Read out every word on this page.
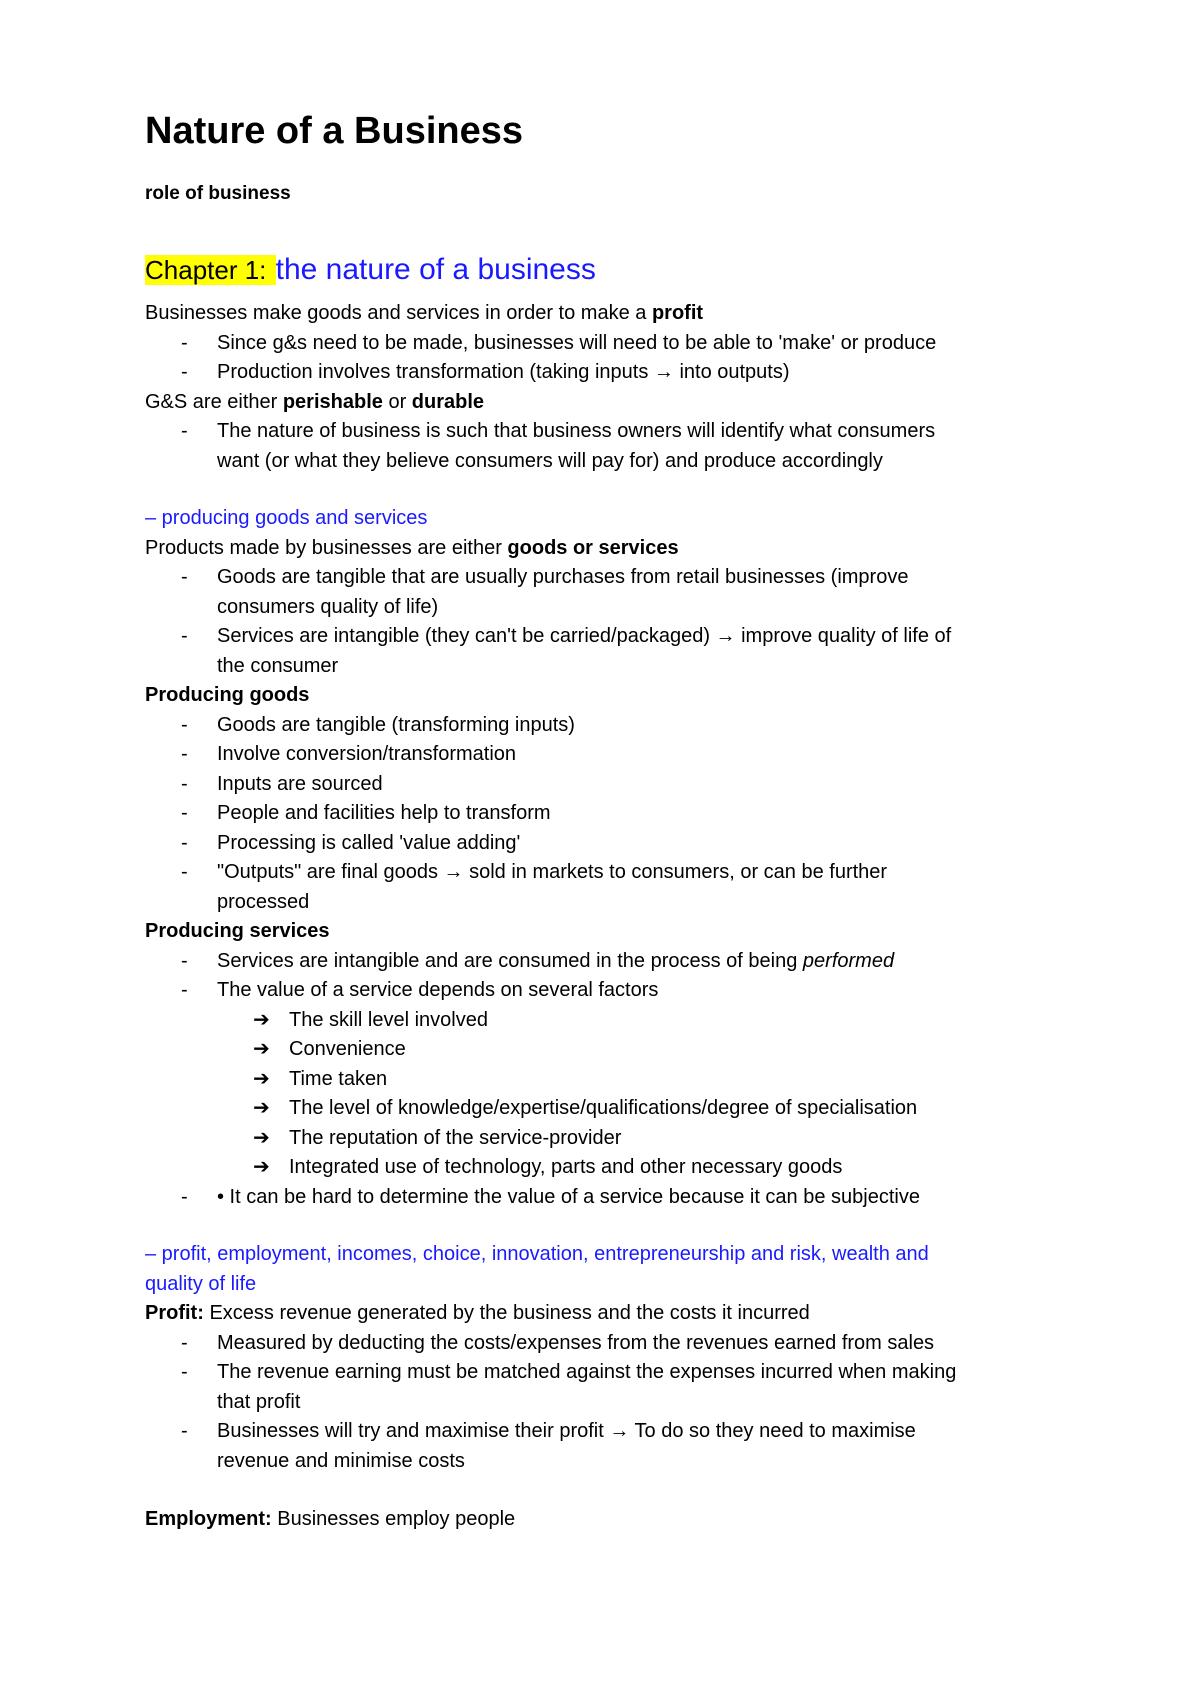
Nature of a Business
role of business
Chapter 1: the nature of a business
Businesses make goods and services in order to make a profit
- Since g&s need to be made, businesses will need to be able to 'make' or produce
- Production involves transformation (taking inputs → into outputs)
G&S are either perishable or durable
- The nature of business is such that business owners will identify what consumers
want (or what they believe consumers will pay for) and produce accordingly
– producing goods and services
Products made by businesses are either goods or services
- Goods are tangible that are usually purchases from retail businesses (improve
consumers quality of life)
- Services are intangible (they can't be carried/packaged) → improve quality of life of
the consumer
Producing goods
- Goods are tangible (transforming inputs)
- Involve conversion/transformation
- Inputs are sourced
- People and facilities help to transform
- Processing is called 'value adding'
- "Outputs" are final goods → sold in markets to consumers, or can be further
processed
Producing services
- Services are intangible and are consumed in the process of being performed
- The value of a service depends on several factors
➔ The skill level involved
➔ Convenience
➔ Time taken
➔ The level of knowledge/expertise/qualifications/degree of specialisation
➔ The reputation of the service-provider
➔ Integrated use of technology, parts and other necessary goods
- • It can be hard to determine the value of a service because it can be subjective
– profit, employment, incomes, choice, innovation, entrepreneurship and risk, wealth and
quality of life
Profit: Excess revenue generated by the business and the costs it incurred
- Measured by deducting the costs/expenses from the revenues earned from sales
- The revenue earning must be matched against the expenses incurred when making
that profit
- Businesses will try and maximise their profit → To do so they need to maximise
revenue and minimise costs
Employment: Businesses employ people
